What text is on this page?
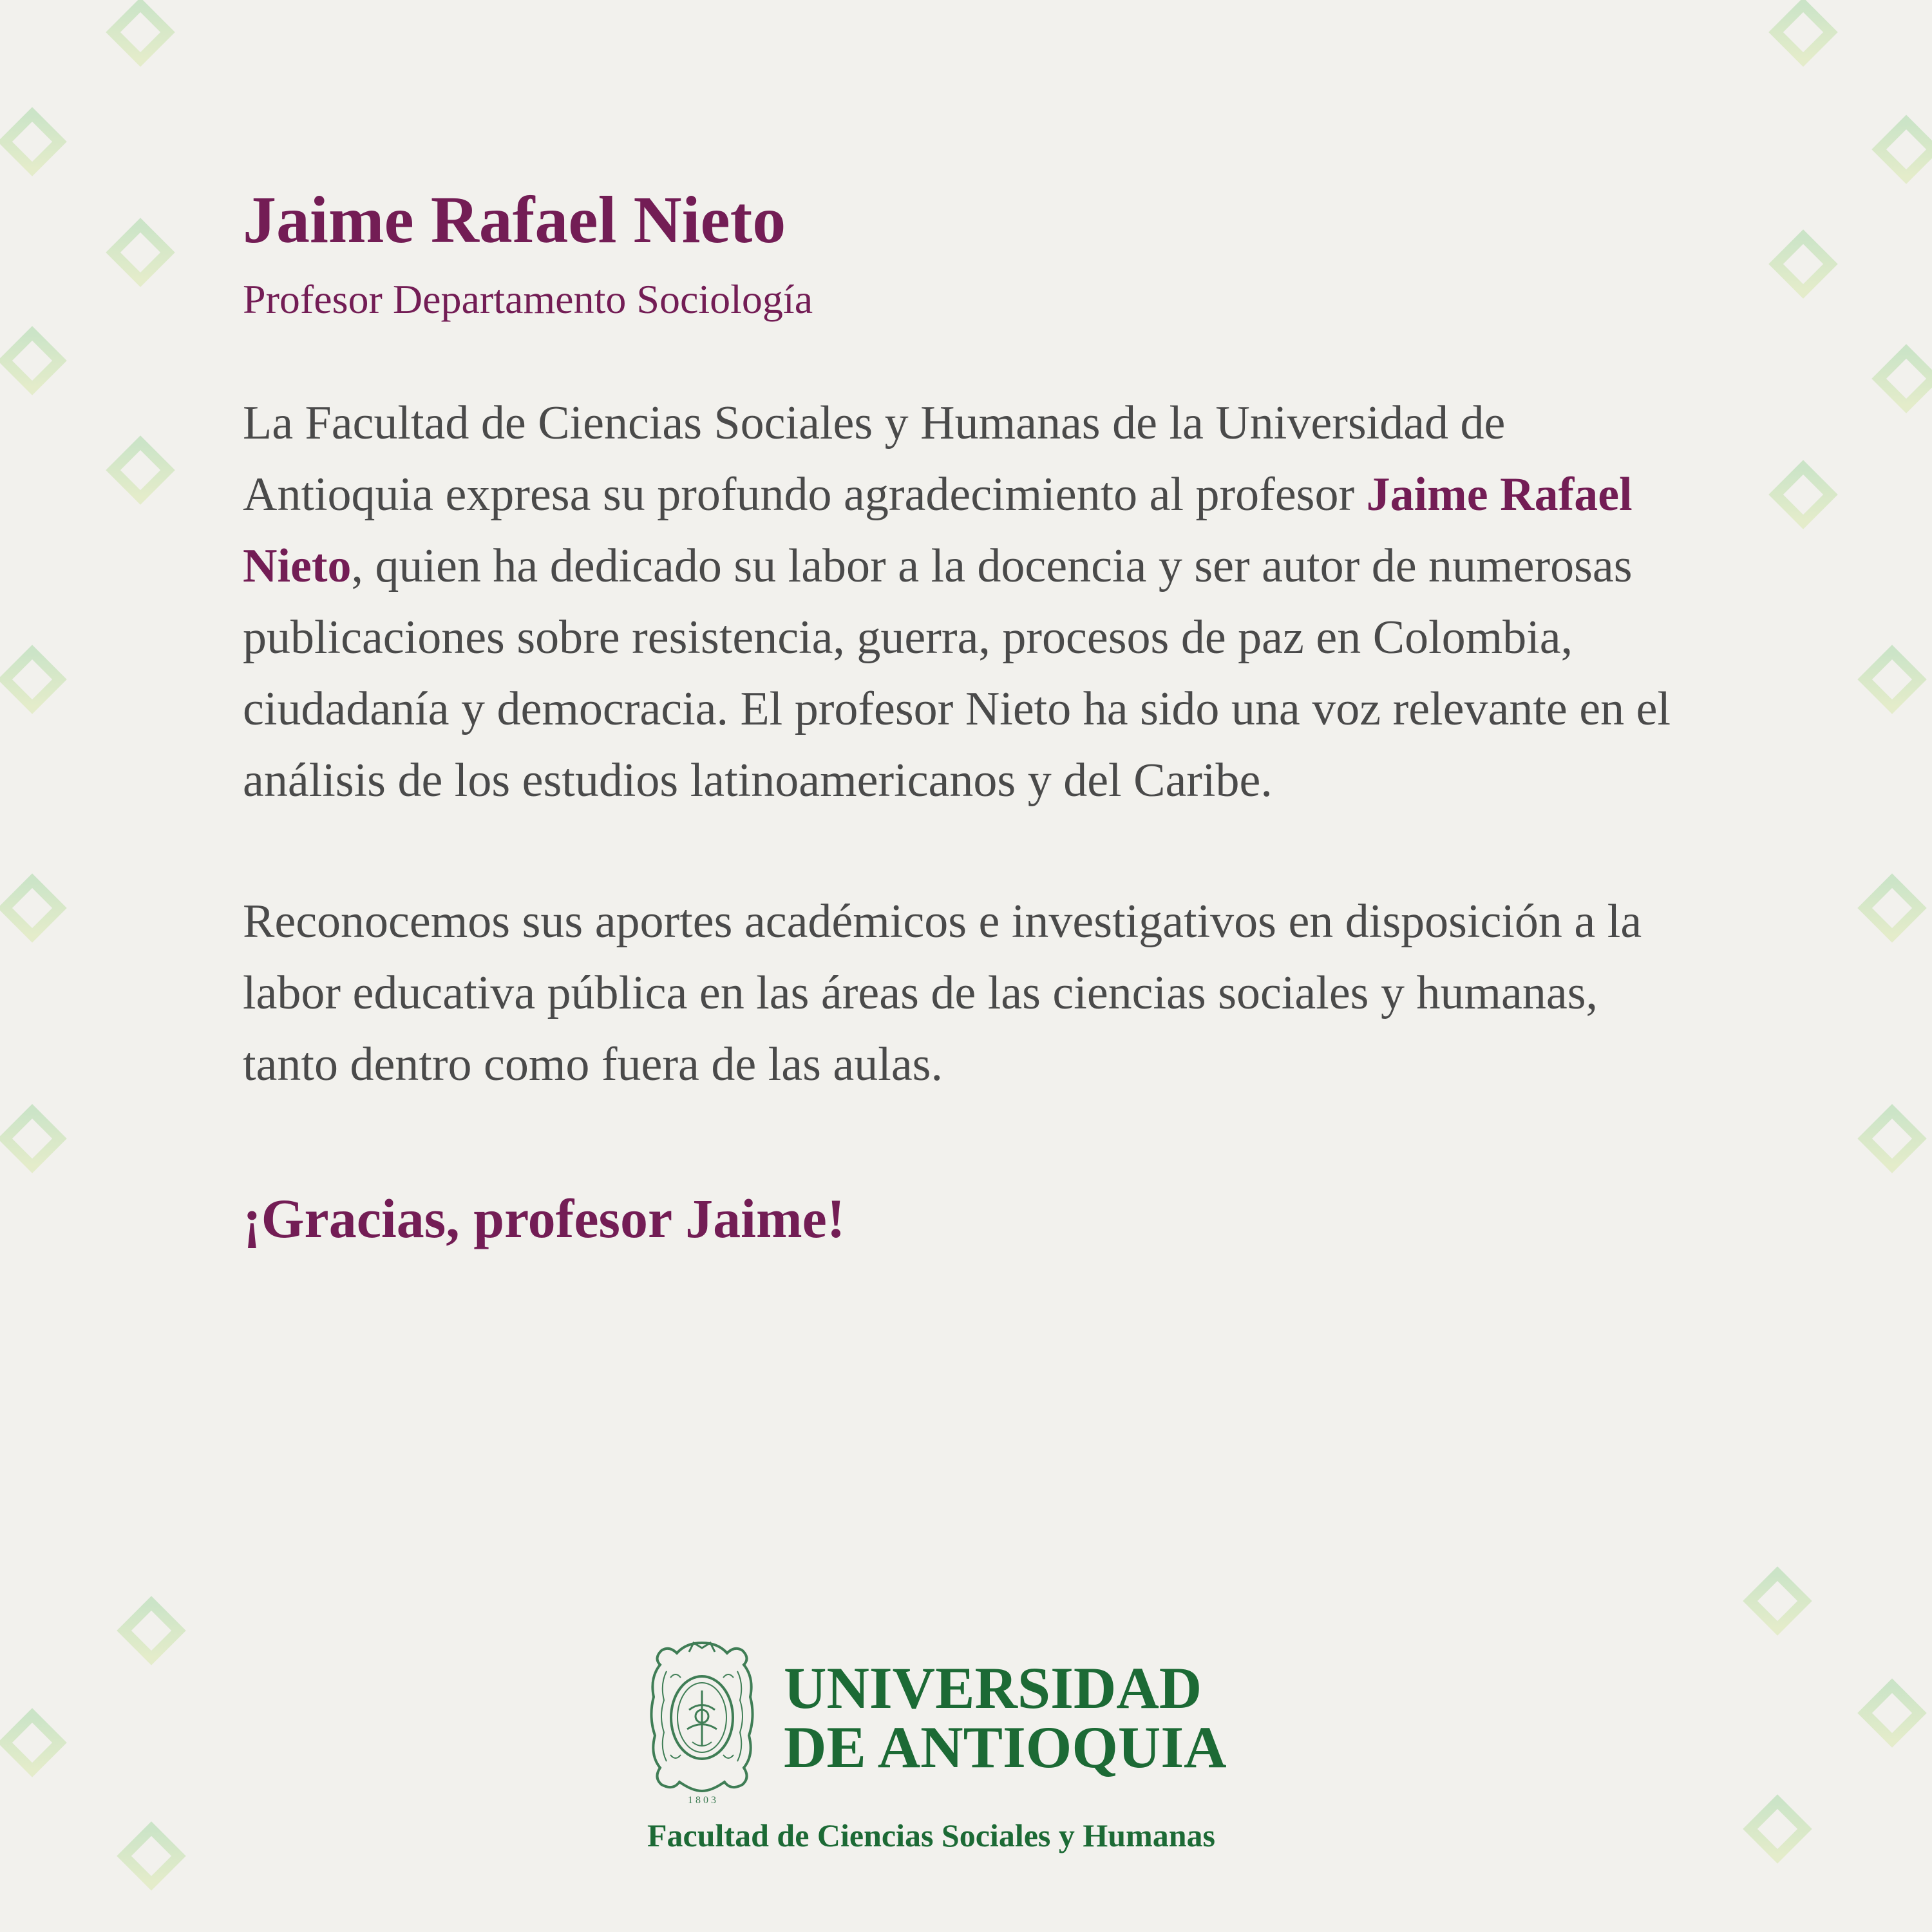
Jaime Rafael Nieto

Profesor Departamento Sociología

La Facultad de Ciencias Sociales y Humanas de la Universidad de Antioquia expresa su profundo agradecimiento al profesor Jaime Rafael Nieto, quien ha dedicado su labor a la docencia y ser autor de numerosas publicaciones sobre resistencia, guerra, procesos de paz en Colombia, ciudadanía y democracia. El profesor Nieto ha sido una voz relevante en el análisis de los estudios latinoamericanos y del Caribe.

Reconocemos sus aportes académicos e investigativos en disposición a la labor educativa pública en las áreas de las ciencias sociales y humanas, tanto dentro como fuera de las aulas.

¡Gracias, profesor Jaime!

1 8 0 3
UNIVERSIDAD
DE ANTIOQUIA

Facultad de Ciencias Sociales y Humanas
